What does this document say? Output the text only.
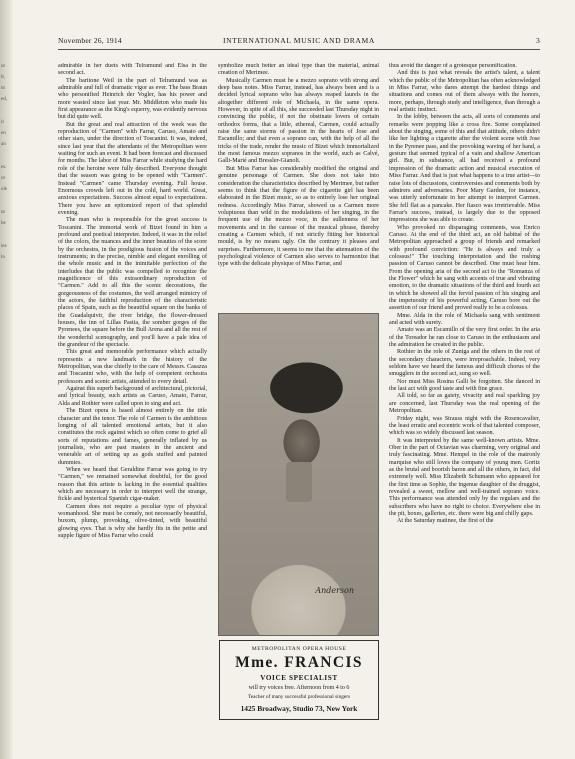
ut
lt,
nt
ed,
ir
en
an
es.
or
ole
nt
he
ies
ln
November 26, 1914	INTERNATIONAL MUSIC AND DRAMA	3

admirable in her duets with Telramund and Elsa in the second act.

The baritone Weil in the part of Telramund was as admirable and full of dramatic vigor as ever. The bass Braun who personified Heinrich der Vogler, has his power and more wasted since last year. Mr. Middleton who made his first appearance as the King's equerry, was evidently nervous but did quite well.

But the great and real attraction of the week was the reproduction of "Carmen" with Farrar, Caruso, Amato and other stars, under the direction of Toscanini. It was, indeed, since last year that the attendants of the Metropolitan were waiting for such an event. It had been forecast and discussed for months. The labor of Miss Farrar while studying the hard role of the heroine were fully described. Everyone thought that the season was going to be opened with "Carmen". Instead "Carmen" came Thursday evening. Full house. Enormous crowds left out in the cold, hard world. Great, anxious expectations. Success almost equal to expectations. There you have an epitomized report of that splendid evening.

The man who is responsible for the great success is Toscanini. The immortal work of Bizet found in him a profound and poetical interpreter. Indeed, it was in the relief of the colors, the nuances and the inner beauties of the score by the orchestra, in the prodigious fusion of the voices and instruments; in the precise, nimble and elegant enrolling of the whole music and in the inimitable perfection of the interludes that the public was compelled to recognize the magnificence of this extraordinary reproduction of "Carmen." Add to all this the scenic decorations, the gorgeousness of the costumes, the well arranged mimicry of the actors, the faithful reproduction of the characteristic places of Spain, such as the beautiful square on the banks of the Guadalquivir, the river bridge, the flower-dressed houses, the inn of Lillas Pastia, the somber gorges of the Pyrenees, the square before the Bull Arena and all the rest of the wonderful scenography, and you'll have a pale idea of the grandeur of the spectacle.

This great and memorable performance which actually represents a new landmark in the history of the Metropolitan, was due chiefly to the care of Messrs. Casazza and Toscanini who, with the help of competent orchestra professors and scenic artists, attended to every detail.

Against this superb background of architectural, pictorial, and lyrical beauty, such artists as Caruso, Amato, Farrar, Alda and Rothier were called upon to sing and act.

The Bizet opera is based almost entirely on the title character and the tenor. The role of Carmen is the ambitious longing of all talented emotional artists, but it also constitutes the rock against which so often come to grief all sorts of reputations and fames, generally inflated by us journalists, who are past masters in the ancient and venerable art of setting up as gods stuffed and painted dummies.

When we heard that Geraldine Farrar was going to try "Carmen," we remained somewhat doubtful, for the good reason that this artiste is lacking in the essential qualities which are necessary in order to interpret well the strange, fickle and hysterical Spanish cigar-maker.

Carmen does not require a peculiar type of physical womanhood. She must be comely, not necessarily beautiful, buxom, plump, provoking, olive-tinted, with beautiful glowing eyes. That is why she hardly fits in the petite and supple figure of Miss Farrar who could

symbolize much better an ideal type than the material, animal creation of Merimee.

Musically Carmen must be a mezzo soprano with strong and deep bass notes. Miss Farrar, instead, has always been and is a decided lyrical soprano who has always reaped laurels in the altogether different role of Michaela, in the same opera. However, in spite of all this, she succeeded last Thursday night in convincing the public, if not the obstinate lovers of certain orthodox forms, that a little, ethereal, Carmen, could actually raise the same storms of passion in the hearts of Jose and Escamillo; and that even a soprano can, with the help of all the tricks of the trade, render the music of Bizet which immortalized the most famous mezzo sopranos in the world, such as Calvé, Galli-Marié and Bressler-Gianoli.

But Miss Farrar has considerably modified the original and genuine personage of Carmen. She does not take into consideration the characteristics described by Merimee, but rather seems to think that the figure of the cigarette girl has been elaborated in the Bizet music, so as to entirely lose her original redness. Accordingly Miss Farrar, showed us a Carmen more voluptuous than wild in the modulations of her singing, in the frequent use of the mezzo voce, in the sullenness of her movements and in the caresse of the musical phrase, thereby creating a Carmen which, if not strictly fitting her historical mould, is by no means ugly. On the contrary it pleases and surprises. Furthermore, it seems to me that the attenuation of the psychological violence of Carmen also serves to harmonize that type with the delicate physique of Miss Farrar, and

Anderson
METROPOLITAN OPERA HOUSE
Mme. FRANCIS
VOICE SPECIALIST
will try voices free. Afternoon from 4 to 6
Teacher of many successful professional singers
1425 Broadway, Studio 73, New York

thus avoid the danger of a grotesque personification.

And this is just what reveals the artist's talent, a talent which the public of the Metropolitan has often acknowledged in Miss Farrar, who dares attempt the hardest things and situations and comes out of them always with the honors, more, perhaps, through study and intelligence, than through a real artistic instinct.

In the lobby, between the acts, all sorts of comments and remarks were popping like a cross fire. Some complained about the singing, some of this and that attitude, others didn't like her lighting a cigarette after the violent scene with Jose in the Pyrenee pass, and the provoking waving of her hand, a gesture that seemed typical of a vain and shallow American girl. But, in substance, all had received a profound impression of the dramatic action and musical execution of Miss Farrar. And that is just what happens to a true artist—to raise lots of discussions, controversies and comments both by admirers and adversaries. Poor Mary Garden, for instance, was utterly unfortunate in her attempt to interpret Carmen. She fell flat as a pancake. Her fiasco was irretrievable. Miss Farrar's success, instead, is largely due to the opposed impressions she was able to create.

Who provoked no disparaging comments, was Enrico Caruso. At the end of the third act, an old habitué of the Metropolitan approached a group of friends and remarked with profound conviction: "He is always and truly a colossus!" The touching interpretation and the rushing passion of Caruso cannot be described. One must hear him. From the opening aria of the second act to the "Romanza of the Flower" which he sang with accents of true and vibrating emotion, to the dramatic situations of the third and fourth act in which he showed all the fervid passion of his singing and the impetuosity of his powerful acting, Caruso bore out the assertion of our friend and proved really to be a colossus.

Mme. Alda in the role of Michaela sang with sentiment and acted with surety.

Amato was an Escamillo of the very first order. In the aria of the Toreador he ran close to Caruso in the enthusiasm and the admiration he created in the public.

Rothier in the role of Zuniga and the others in the rest of the secondary characters, were irreproachable. Indeed, very seldom have we heard the famous and difficult chorus of the smugglers in the second act, sung so well.

Nor must Miss Rosina Galli be forgotten. She danced in the last act with good taste and with fine grace.

All told, so far as gaiety, vivacity and real sparkling joy are concerned, last Thursday was the real opening of the Metropolitan.

Friday night, was Strauss night with the Rosencavalier, the least erratic and eccentric work of that talented composer, which was so widely discussed last season.

It was interpreted by the same well-known artists. Mme. Ober in the part of Octavian was charming, very original and truly fascinating. Mme. Hempel in the role of the matronly marquise who still loves the company of young men. Goritz as the brutal and boorish baron and all the others, in fact, did extremely well. Miss Elizabeth Schumann who appeared for the first time as Sophie, the ingenue daughter of the druggist, revealed a sweet, mellow and well-trained soprano voice. This performance was attended only by the regulars and the subscribers who have no right to choice. Everywhere else in the pit, boxes, galleries, etc. there were big and chilly gaps.

At the Saturday matinee, the first of the
